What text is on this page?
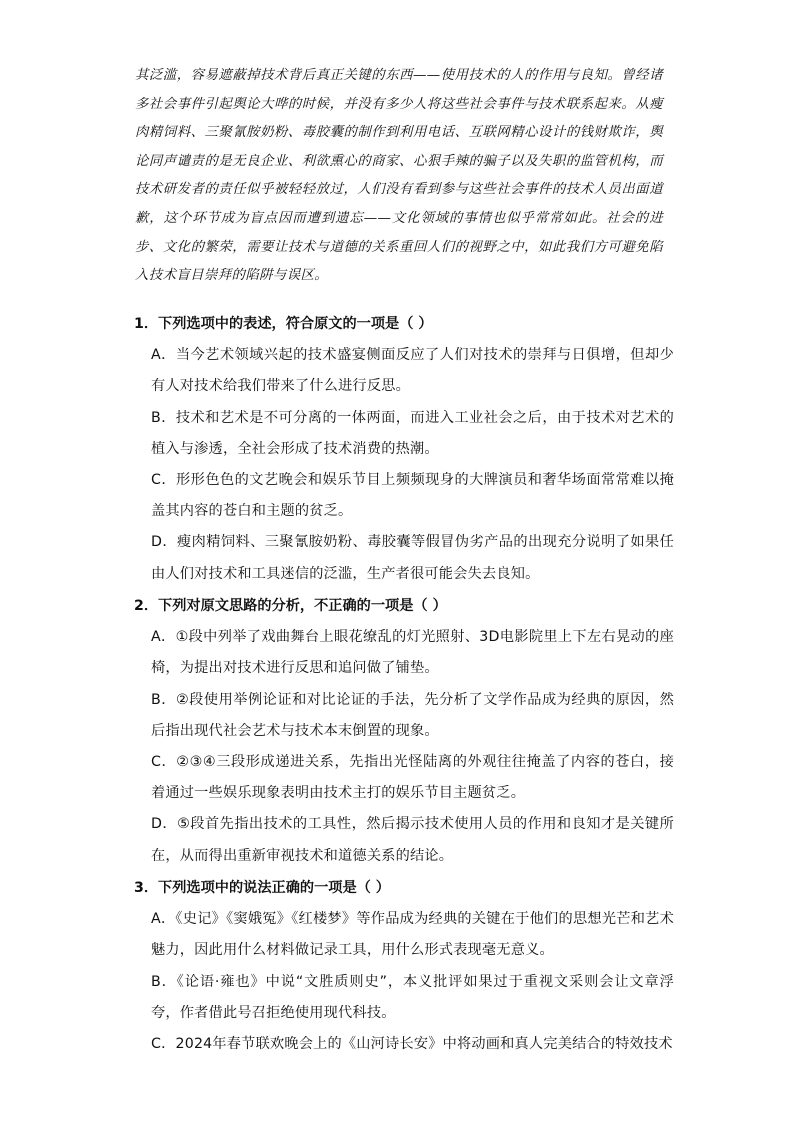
其泛滥，容易遮蔽掉技术背后真正关键的东西——使用技术的人的作用与良知。曾经诸多社会事件引起舆论大哗的时候，并没有多少人将这些社会事件与技术联系起来。从瘦肉精饲料、三聚氰胺奶粉、毒胶囊的制作到利用电话、互联网精心设计的钱财欺诈，舆论同声谴责的是无良企业、利欲熏心的商家、心狠手辣的骗子以及失职的监管机构，而技术研发者的责任似乎被轻轻放过，人们没有看到参与这些社会事件的技术人员出面道歉，这个环节成为盲点因而遭到遗忘——文化领域的事情也似乎常常如此。社会的进步、文化的繁荣，需要让技术与道德的关系重回人们的视野之中，如此我们方可避免陷入技术盲目崇拜的陷阱与误区。

1．下列选项中的表述，符合原文的一项是（ ）

A．当今艺术领域兴起的技术盛宴侧面反应了人们对技术的崇拜与日俱增，但却少有人对技术给我们带来了什么进行反思。

B．技术和艺术是不可分离的一体两面，而进入工业社会之后，由于技术对艺术的植入与渗透，全社会形成了技术消费的热潮。

C．形形色色的文艺晚会和娱乐节目上频频现身的大牌演员和奢华场面常常难以掩盖其内容的苍白和主题的贫乏。

D．瘦肉精饲料、三聚氰胺奶粉、毒胶囊等假冒伪劣产品的出现充分说明了如果任由人们对技术和工具迷信的泛滥，生产者很可能会失去良知。

2．下列对原文思路的分析，不正确的一项是（ ）

A．①段中列举了戏曲舞台上眼花缭乱的灯光照射、3D电影院里上下左右晃动的座椅，为提出对技术进行反思和追问做了铺垫。

B．②段使用举例论证和对比论证的手法，先分析了文学作品成为经典的原因，然后指出现代社会艺术与技术本末倒置的现象。

C．②③④三段形成递进关系，先指出光怪陆离的外观往往掩盖了内容的苍白，接着通过一些娱乐现象表明由技术主打的娱乐节目主题贫乏。

D．⑤段首先指出技术的工具性，然后揭示技术使用人员的作用和良知才是关键所在，从而得出重新审视技术和道德关系的结论。

3．下列选项中的说法正确的一项是（ ）

A．《史记》《窦娥冤》《红楼梦》等作品成为经典的关键在于他们的思想光芒和艺术魅力，因此用什么材料做记录工具，用什么形式表现毫无意义。

B．《论语·雍也》中说“文胜质则史”，本义批评如果过于重视文采则会让文章浮夸，作者借此号召拒绝使用现代科技。

C．2024年春节联欢晚会上的《山河诗长安》中将动画和真人完美结合的特效技术
